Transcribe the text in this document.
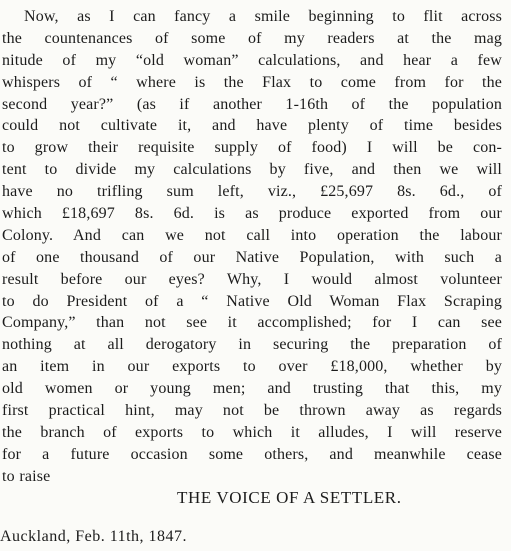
Now, as I can fancy a smile beginning to flit across
the countenances of some of my readers at the mag
nitude of my “old woman” calculations, and hear a few
whispers of “ where is the Flax to come from for the
second year?” (as if another 1-16th of the population
could not cultivate it, and have plenty of time besides
to grow their requisite supply of food) I will be con-
tent to divide my calculations by five, and then we will
have no trifling sum left, viz., £25,697 8s. 6d., of
which £18,697 8s. 6d. is as produce exported from our
Colony. And can we not call into operation the labour
of one thousand of our Native Population, with such a
result before our eyes? Why, I would almost volunteer
to do President of a “ Native Old Woman Flax Scraping
Company,” than not see it accomplished; for I can see
nothing at all derogatory in securing the preparation of
an item in our exports to over £18,000, whether by
old women or young men; and trusting that this, my
first practical hint, may not be thrown away as regards
the branch of exports to which it alludes, I will reserve
for a future occasion some others, and meanwhile cease
to raise
THE VOICE OF A SETTLER.
Auckland, Feb. 11th, 1847.
